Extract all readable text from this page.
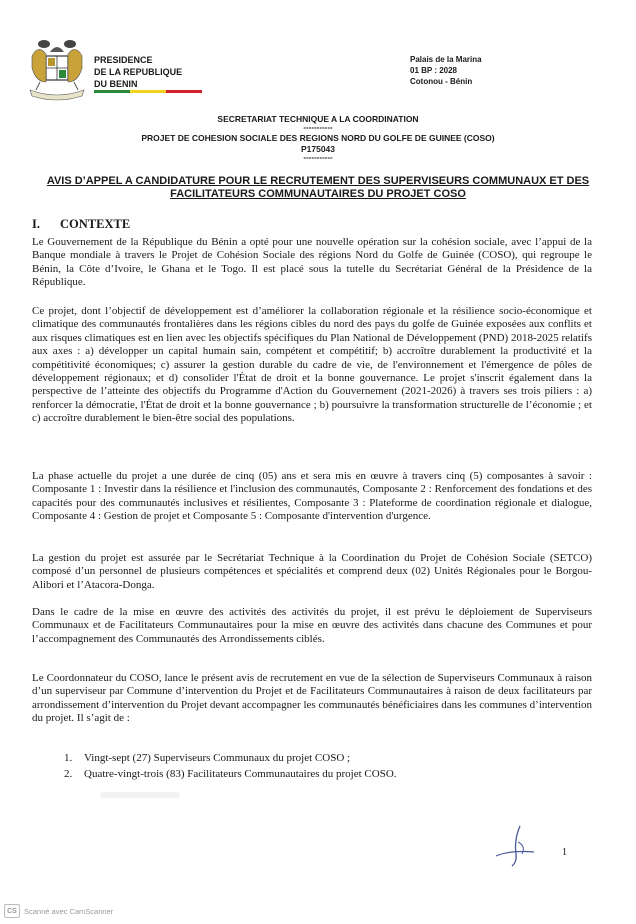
PRESIDENCE
DE LA REPUBLIQUE
DU BENIN
Palais de la Marina
01 BP : 2028
Cotonou - Bénin
SECRETARIAT TECHNIQUE A LA COORDINATION
-----------
PROJET DE COHESION SOCIALE DES REGIONS NORD DU GOLFE DE GUINEE (COSO)
P175043
-----------
AVIS D’APPEL A CANDIDATURE POUR LE RECRUTEMENT DES SUPERVISEURS COMMUNAUX ET DES FACILITATEURS COMMUNAUTAIRES DU PROJET COSO
I. CONTEXTE
Le Gouvernement de la République du Bénin a opté pour une nouvelle opération sur la cohésion sociale, avec l’appui de la Banque mondiale à travers le Projet de Cohésion Sociale des régions Nord du Golfe de Guinée (COSO), qui regroupe le Bénin, la Côte d’Ivoire, le Ghana et le Togo. Il est placé sous la tutelle du Secrétariat Général de la Présidence de la République.
Ce projet, dont l’objectif de développement est d’améliorer la collaboration régionale et la résilience socio-économique et climatique des communautés frontalières dans les régions cibles du nord des pays du golfe de Guinée exposées aux conflits et aux risques climatiques est en lien avec les objectifs spécifiques du Plan National de Développement (PND) 2018-2025 relatifs aux axes : a) développer un capital humain sain, compétent et compétitif; b) accroître durablement la productivité et la compétitivité économiques; c) assurer la gestion durable du cadre de vie, de l'environnement et l'émergence de pôles de développement régionaux; et d) consolider l'État de droit et la bonne gouvernance. Le projet s'inscrit également dans la perspective de l’atteinte des objectifs du Programme d'Action du Gouvernement (2021-2026) à travers ses trois piliers : a) renforcer la démocratie, l'État de droit et la bonne gouvernance ; b) poursuivre la transformation structurelle de l’économie ; et c) accroître durablement le bien-être social des populations.
La phase actuelle du projet a une durée de cinq (05) ans et sera mis en œuvre à travers cinq (5) composantes à savoir : Composante 1 : Investir dans la résilience et l'inclusion des communautés, Composante 2 : Renforcement des fondations et des capacités pour des communautés inclusives et résilientes, Composante 3 : Plateforme de coordination régionale et dialogue, Composante 4 : Gestion de projet et Composante 5 : Composante d'intervention d'urgence.
La gestion du projet est assurée par le Secrétariat Technique à la Coordination du Projet de Cohésion Sociale (SETCO) composé d’un personnel de plusieurs compétences et spécialités et comprend deux (02) Unités Régionales pour le Borgou-Alibori et l’Atacora-Donga.
Dans le cadre de la mise en œuvre des activités des activités du projet, il est prévu le déploiement de Superviseurs Communaux et de Facilitateurs Communautaires pour la mise en œuvre des activités dans chacune des Communes et pour l’accompagnement des Communautés des Arrondissements ciblés.
Le Coordonnateur du COSO, lance le présent avis de recrutement en vue de la sélection de Superviseurs Communaux à raison d’un superviseur par Commune d’intervention du Projet et de Facilitateurs Communautaires à raison de deux facilitateurs par arrondissement d’intervention du Projet devant accompagner les communautés bénéficiaires dans les communes d’intervention du projet. Il s’agit de :
1. Vingt-sept (27) Superviseurs Communaux du projet COSO ;
2. Quatre-vingt-trois (83) Facilitateurs Communautaires du projet COSO.
1
CS Scanné avec CamScanner
